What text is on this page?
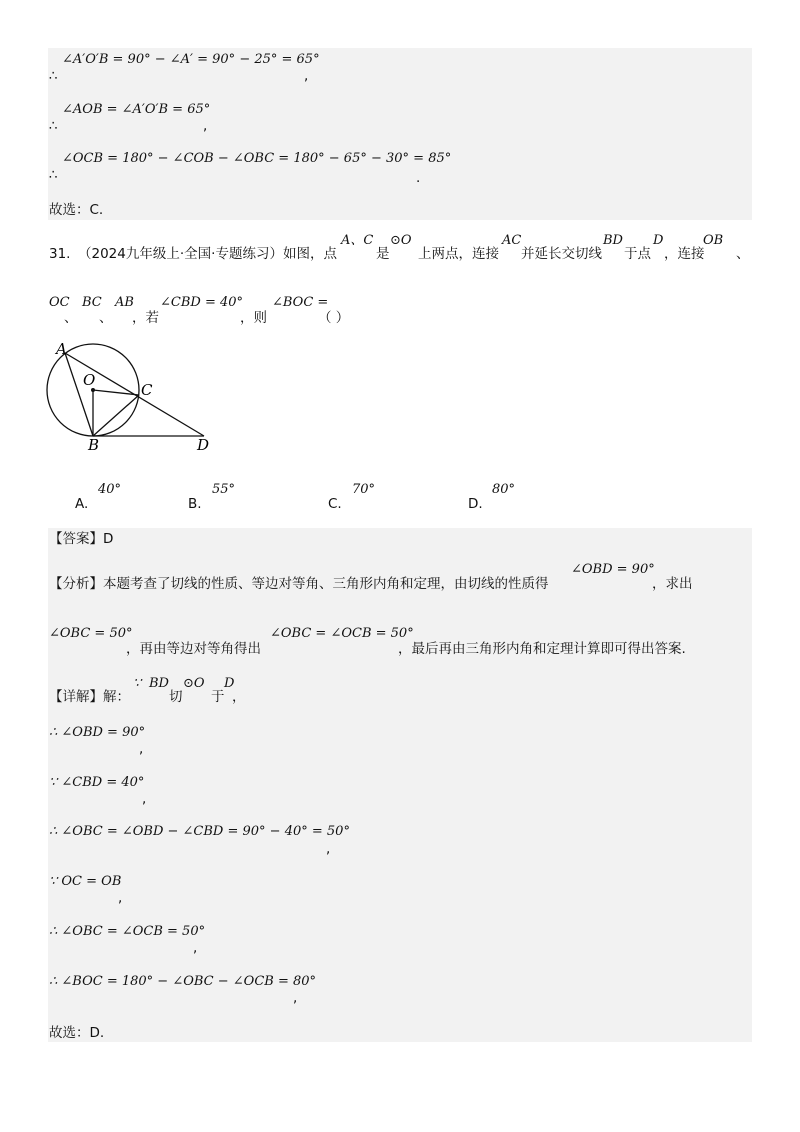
∠A′O′B = 90° − ∠A′ = 90° − 25° = 65°
∴	,
∠AOB = ∠A′O′B = 65°
∴	,
∠OCB = 180° − ∠COB − ∠OBC = 180° − 65° − 30° = 85°
∴	.
故选：C.
31. （2024九年级上·全国·专题练习）如图，点
A、C ⊙O
是 上两点，连接
AC
并延长交切线
BD
于点
D
，连接
OB
、
OC
、
BC
、
AB
，若
∠CBD = 40°
，则
∠BOC =
（ ）
A
O
C
B	D
40°
A.
55°
B.
70°
C.
80°
D.
【答案】D
【分析】本题考查了切线的性质、等边对等角、三角形内角和定理，由切线的性质得
∠OBD = 90°
，求出
∠OBC = 50°
，再由等边对等角得出
∠OBC = ∠OCB = 50°
，最后再由三角形内角和定理计算即可得出答案.
【详解】解：
∵ BD
切
⊙O
于
D
，
∴ ∠OBD = 90°
,
∵ ∠CBD = 40°
,
∴ ∠OBC = ∠OBD − ∠CBD = 90° − 40° = 50°
,
∵ OC = OB
,
∴ ∠OBC = ∠OCB = 50°
,
∴ ∠BOC = 180° − ∠OBC − ∠OCB = 80°
,
故选：D.
